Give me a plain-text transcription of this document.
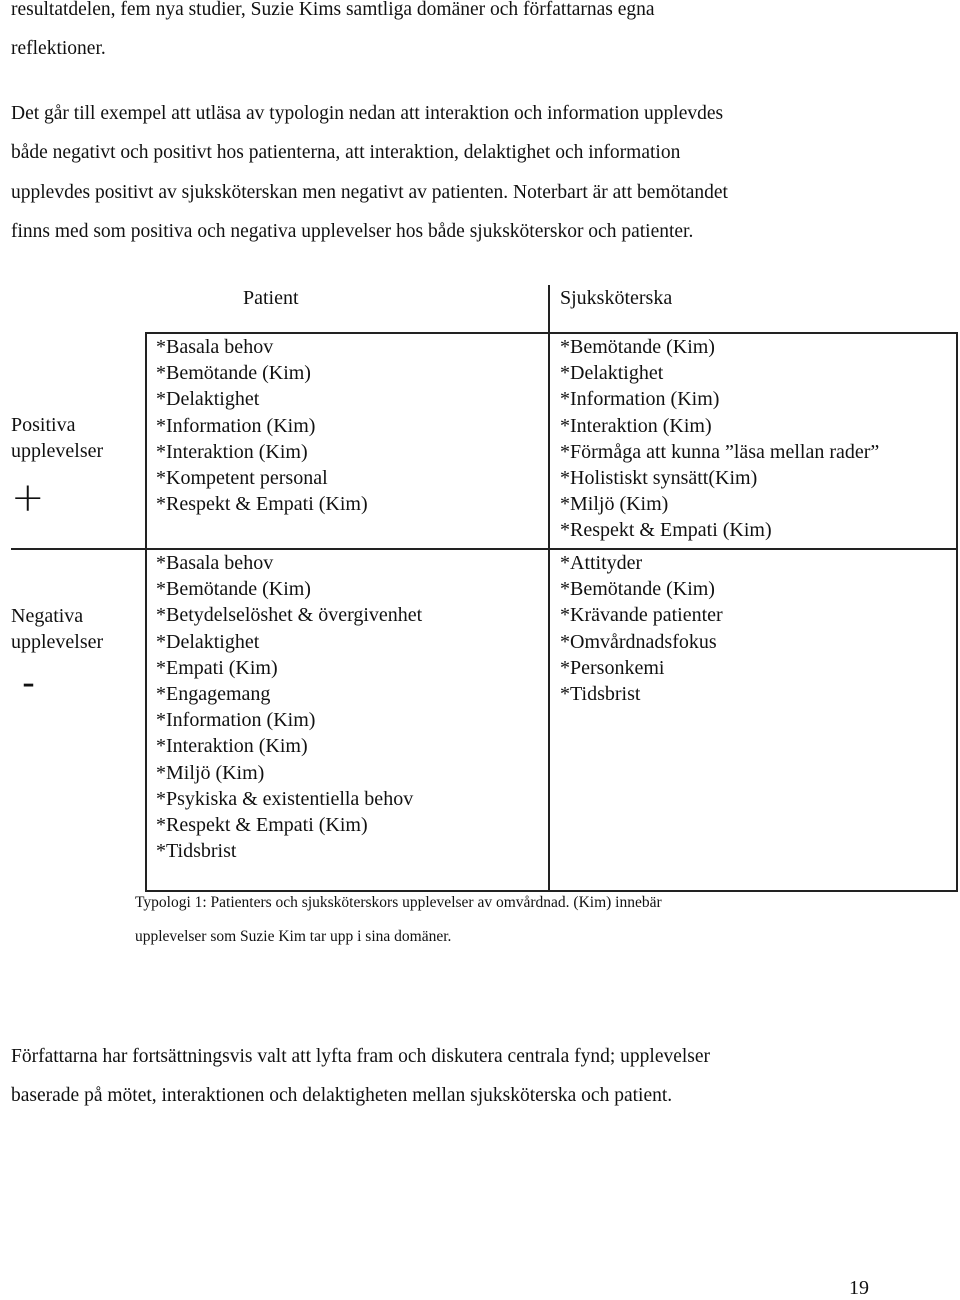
resultatdelen, fem nya studier, Suzie Kims samtliga domäner och författarnas egna
reflektioner.

Det går till exempel att utläsa av typologin nedan att interaktion och information upplevdes
både negativt och positivt hos patienterna, att interaktion, delaktighet och information
upplevdes positivt av sjuksköterskan men negativt av patienten. Noterbart är att bemötandet
finns med som positiva och negativa upplevelser hos både sjuksköterskor och patienter.

Patient	Sjuksköterska
Positiva
upplevelser
+
Negativa
upplevelser
-
*Basala behov
*Bemötande (Kim)
*Delaktighet
*Information (Kim)
*Interaktion (Kim)
*Kompetent personal
*Respekt & Empati (Kim)
*Bemötande (Kim)
*Delaktighet
*Information (Kim)
*Interaktion (Kim)
*Förmåga att kunna ”läsa mellan rader”
*Holistiskt synsätt(Kim)
*Miljö (Kim)
*Respekt & Empati (Kim)
*Basala behov
*Bemötande (Kim)
*Betydelselöshet & övergivenhet
*Delaktighet
*Empati (Kim)
*Engagemang
*Information (Kim)
*Interaktion (Kim)
*Miljö (Kim)
*Psykiska & existentiella behov
*Respekt & Empati (Kim)
*Tidsbrist
*Attityder
*Bemötande (Kim)
*Krävande patienter
*Omvårdnadsfokus
*Personkemi
*Tidsbrist
Typologi 1: Patienters och sjuksköterskors upplevelser av omvårdnad. (Kim) innebär
upplevelser som Suzie Kim tar upp i sina domäner.

Författarna har fortsättningsvis valt att lyfta fram och diskutera centrala fynd; upplevelser
baserade på mötet, interaktionen och delaktigheten mellan sjuksköterska och patient.

19
